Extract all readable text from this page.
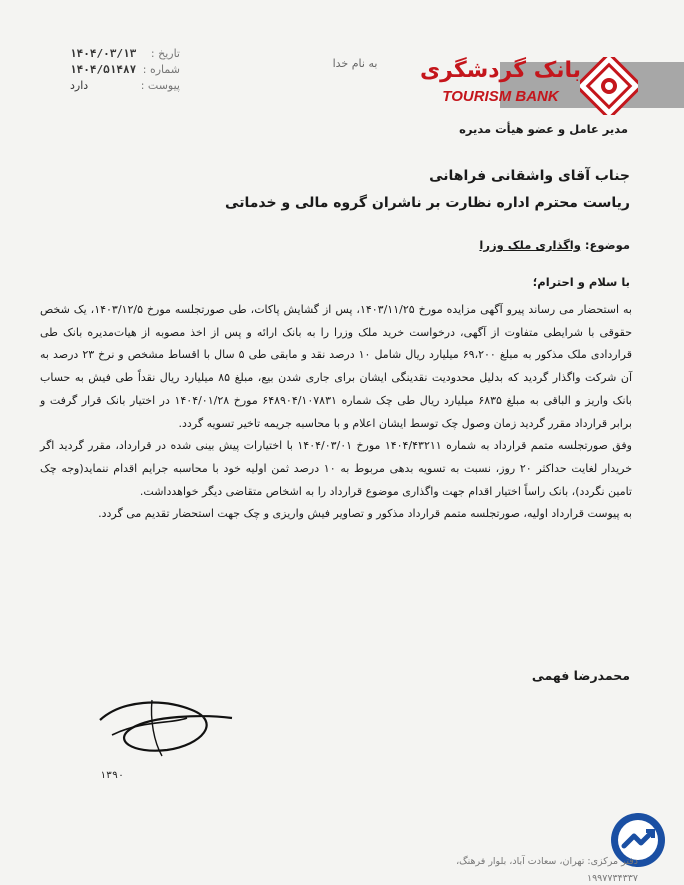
تاریخ :
۱۴۰۴/۰۳/۱۳
شماره :
۱۴۰۴/۵۱۴۸۷
پیوست :
دارد
به نام خدا	بانک گردشگری
TOURISM BANK
مدیر عامل و عضو هیأت مدیره
جناب آقای واشقانی فراهانی
ریاست محترم اداره نظارت بر ناشران گروه مالی و خدماتی
موضوع: واگذاری ملک وزرا
با سلام و احترام؛

به استحضار می رساند پیرو آگهی مزایده مورخ ۱۴۰۳/۱۱/۲۵، پس از گشایش پاکات، طی صورتجلسه مورخ ۱۴۰۳/۱۲/۵، یک شخص حقوقی با شرایطی متفاوت از آگهی، درخواست خرید ملک وزرا را به بانک ارائه و پس از اخذ مصوبه از هیات‌مدیره بانک طی قراردادی ملک مذکور به مبلغ ۶۹،۲۰۰ میلیارد ریال شامل ۱۰ درصد نقد و مابقی طی ۵ سال با اقساط مشخص و نرخ ۲۳ درصد به آن شرکت واگذار گردید که بدلیل محدودیت نقدینگی ایشان برای جاری شدن بیع، مبلغ ۸۵ میلیارد ریال نقداً طی فیش به حساب بانک واریز و الباقی به مبلغ ۶۸۳۵ میلیارد ریال طی چک شماره ۶۴۸۹۰۴/۱۰۷۸۳۱ مورخ ۱۴۰۴/۰۱/۲۸ در اختیار بانک قرار گرفت و برابر قرارداد مقرر گردید زمان وصول چک توسط ایشان اعلام و با محاسبه جریمه تاخیر تسویه گردد.

وفق صورتجلسه متمم قرارداد به شماره ۱۴۰۴/۴۳۲۱۱ مورخ ۱۴۰۴/۰۳/۰۱ با اختیارات پیش بینی شده در قرارداد، مقرر گردید اگر خریدار لغایت حداکثر ۲۰ روز، نسبت به تسویه بدهی مربوط به ۱۰ درصد ثمن اولیه خود با محاسبه جرایم اقدام ننماید(وجه چک تامین نگردد)، بانک راساً اختیار اقدام جهت واگذاری موضوع قرارداد را به اشخاص متقاضی دیگر خواهدداشت.

به پیوست قرارداد اولیه، صورتجلسه متمم قرارداد مذکور و تصاویر فیش واریزی و چک جهت استحضار تقدیم می گردد.

محمدرضا فهمی
۱۳۹۰
دفتر مرکزی: تهران، سعادت آباد، بلوار فرهنگ،
۱۹۹۷۷۳۴۳۳۷
